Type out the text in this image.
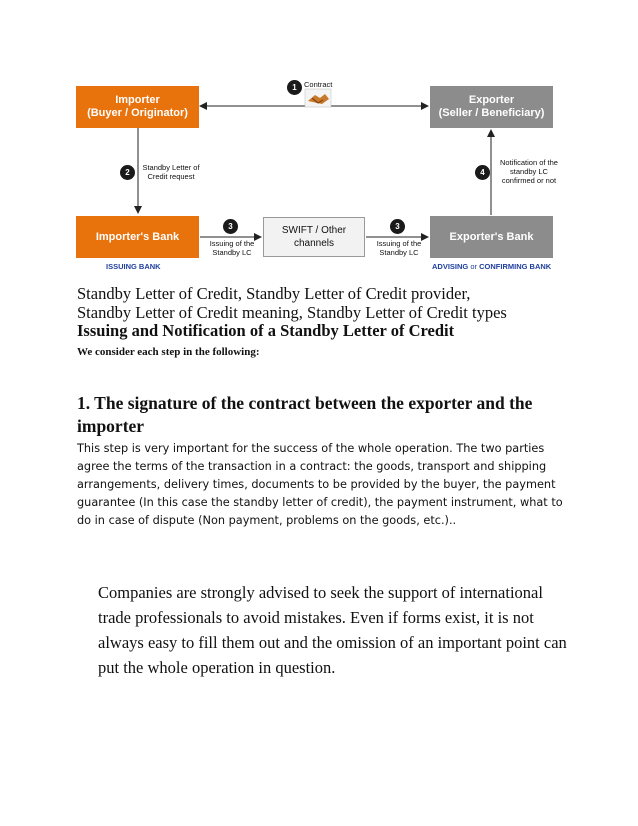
Importer
(Buyer / Originator)
Exporter
(Seller / Beneficiary)
Importer's Bank	Exporter's Bank
SWIFT / Other channels
1 Contract
2
Standby Letter of
Credit request
3
Issuing of the
Standby LC
3
Issuing of the
Standby LC
4
Notification of the
standby LC
confirmed or not
ISSUING BANK	ADVISING or CONFIRMING BANK
Standby Letter of Credit, Standby Letter of Credit provider,
Standby Letter of Credit meaning, Standby Letter of Credit types
Issuing and Notification of a Standby Letter of Credit
We consider each step in the following:
1. The signature of the contract between the exporter and the importer
This step is very important for the success of the whole operation. The two parties agree the terms of the transaction in a contract: the goods, transport and shipping arrangements, delivery times, documents to be provided by the buyer, the payment guarantee (In this case the standby letter of credit), the payment instrument, what to do in case of dispute (Non payment, problems on the goods, etc.)..
Companies are strongly advised to seek the support of international trade professionals to avoid mistakes. Even if forms exist, it is not always easy to fill them out and the omission of an important point can put the whole operation in question.
